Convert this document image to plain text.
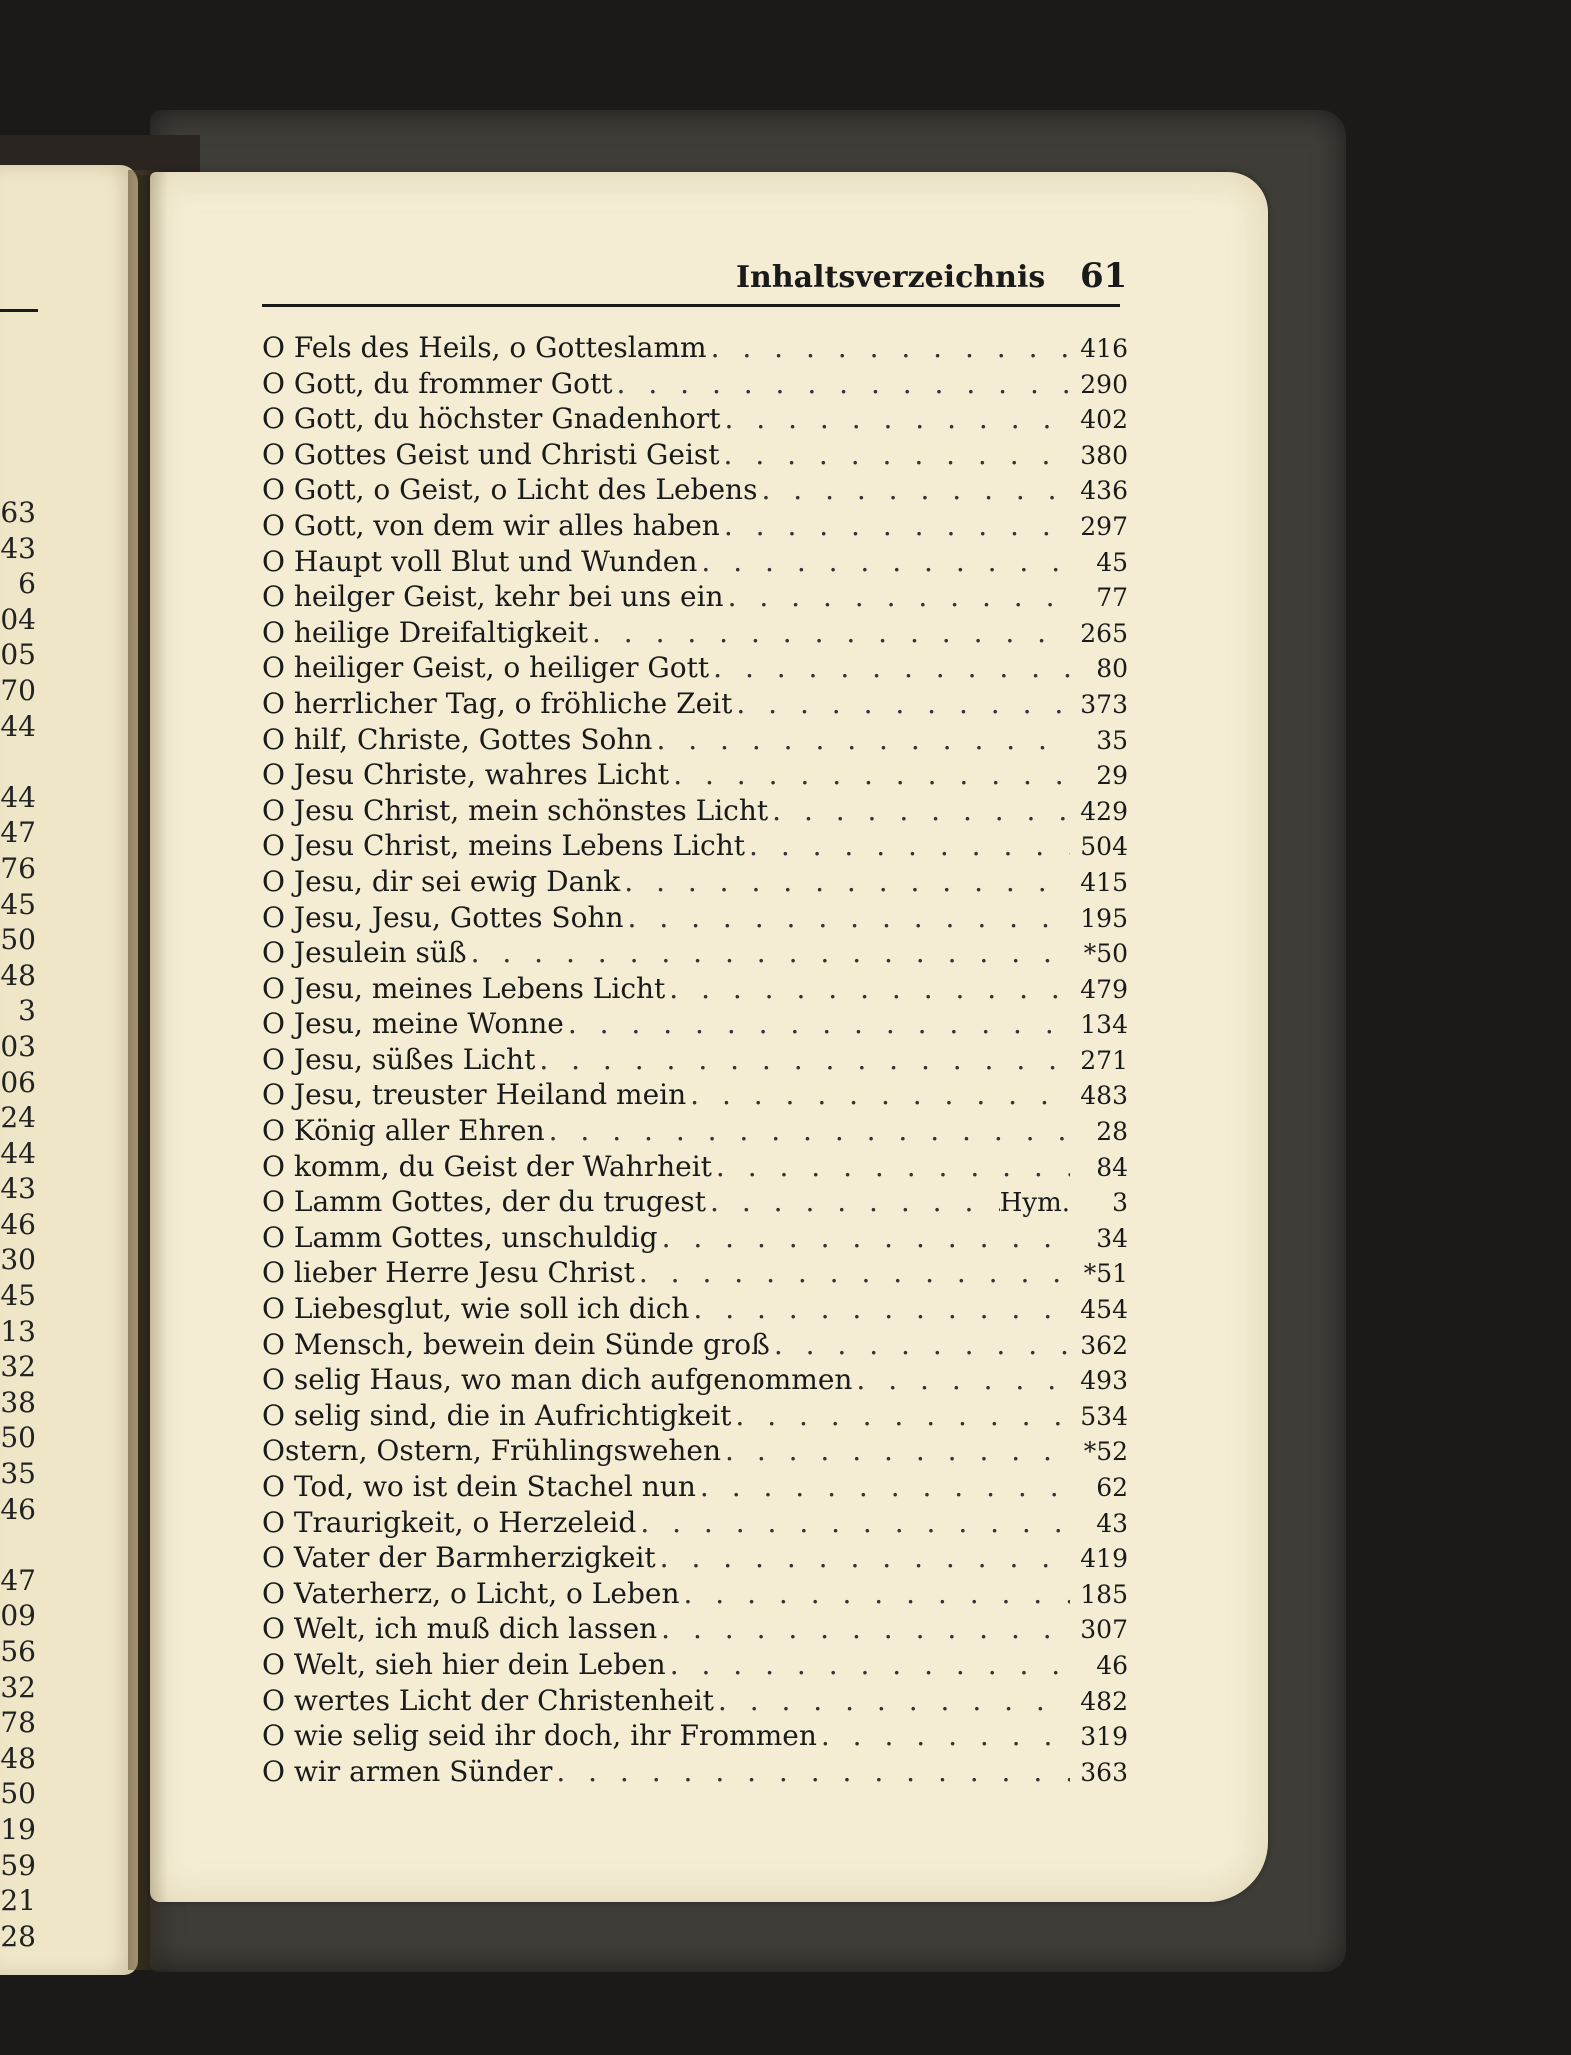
63
43
6
04
05
70
44
44
47
76
45
50
48
3
03
06
24
44
43
46
30
45
13
32
38
50
35
46
47
09
56
32
78
48
50
19
59
21
28
Inhaltsverzeichnis 61
O Fels des Heils, o Gotteslamm . . .	416
O Gott, du frommer Gott . . .	290
O Gott, du höchster Gnadenhort . . .	402
O Gottes Geist und Christi Geist . . .	380
O Gott, o Geist, o Licht des Lebens . . .	436
O Gott, von dem wir alles haben . . .	297
O Haupt voll Blut und Wunden . . .	45
O heilger Geist, kehr bei uns ein . . .	77
O heilige Dreifaltigkeit . . .	265
O heiliger Geist, o heiliger Gott . . .	80
O herrlicher Tag, o fröhliche Zeit . . .	373
O hilf, Christe, Gottes Sohn . . .	35
O Jesu Christe, wahres Licht . . .	29
O Jesu Christ, mein schönstes Licht . . .	429
O Jesu Christ, meins Lebens Licht . . .	504
O Jesu, dir sei ewig Dank . . .	415
O Jesu, Jesu, Gottes Sohn . . .	195
O Jesulein süß . . .	*50
O Jesu, meines Lebens Licht . . .	479
O Jesu, meine Wonne . . .	134
O Jesu, süßes Licht . . .	271
O Jesu, treuster Heiland mein . . .	483
O König aller Ehren . . .	28
O komm, du Geist der Wahrheit . . .	84
O Lamm Gottes, der du trugest . . .	Hym.	3
O Lamm Gottes, unschuldig . . .	34
O lieber Herre Jesu Christ . . .	*51
O Liebesglut, wie soll ich dich . . .	454
O Mensch, bewein dein Sünde groß . . .	362
O selig Haus, wo man dich aufgenommen . . .	493
O selig sind, die in Aufrichtigkeit . . .	534
Ostern, Ostern, Frühlingswehen . . .	*52
O Tod, wo ist dein Stachel nun . . .	62
O Traurigkeit, o Herzeleid . . .	43
O Vater der Barmherzigkeit . . .	419
O Vaterherz, o Licht, o Leben . . .	185
O Welt, ich muß dich lassen . . .	307
O Welt, sieh hier dein Leben . . .	46
O wertes Licht der Christenheit . . .	482
O wie selig seid ihr doch, ihr Frommen . . .	319
O wir armen Sünder . . .	363
